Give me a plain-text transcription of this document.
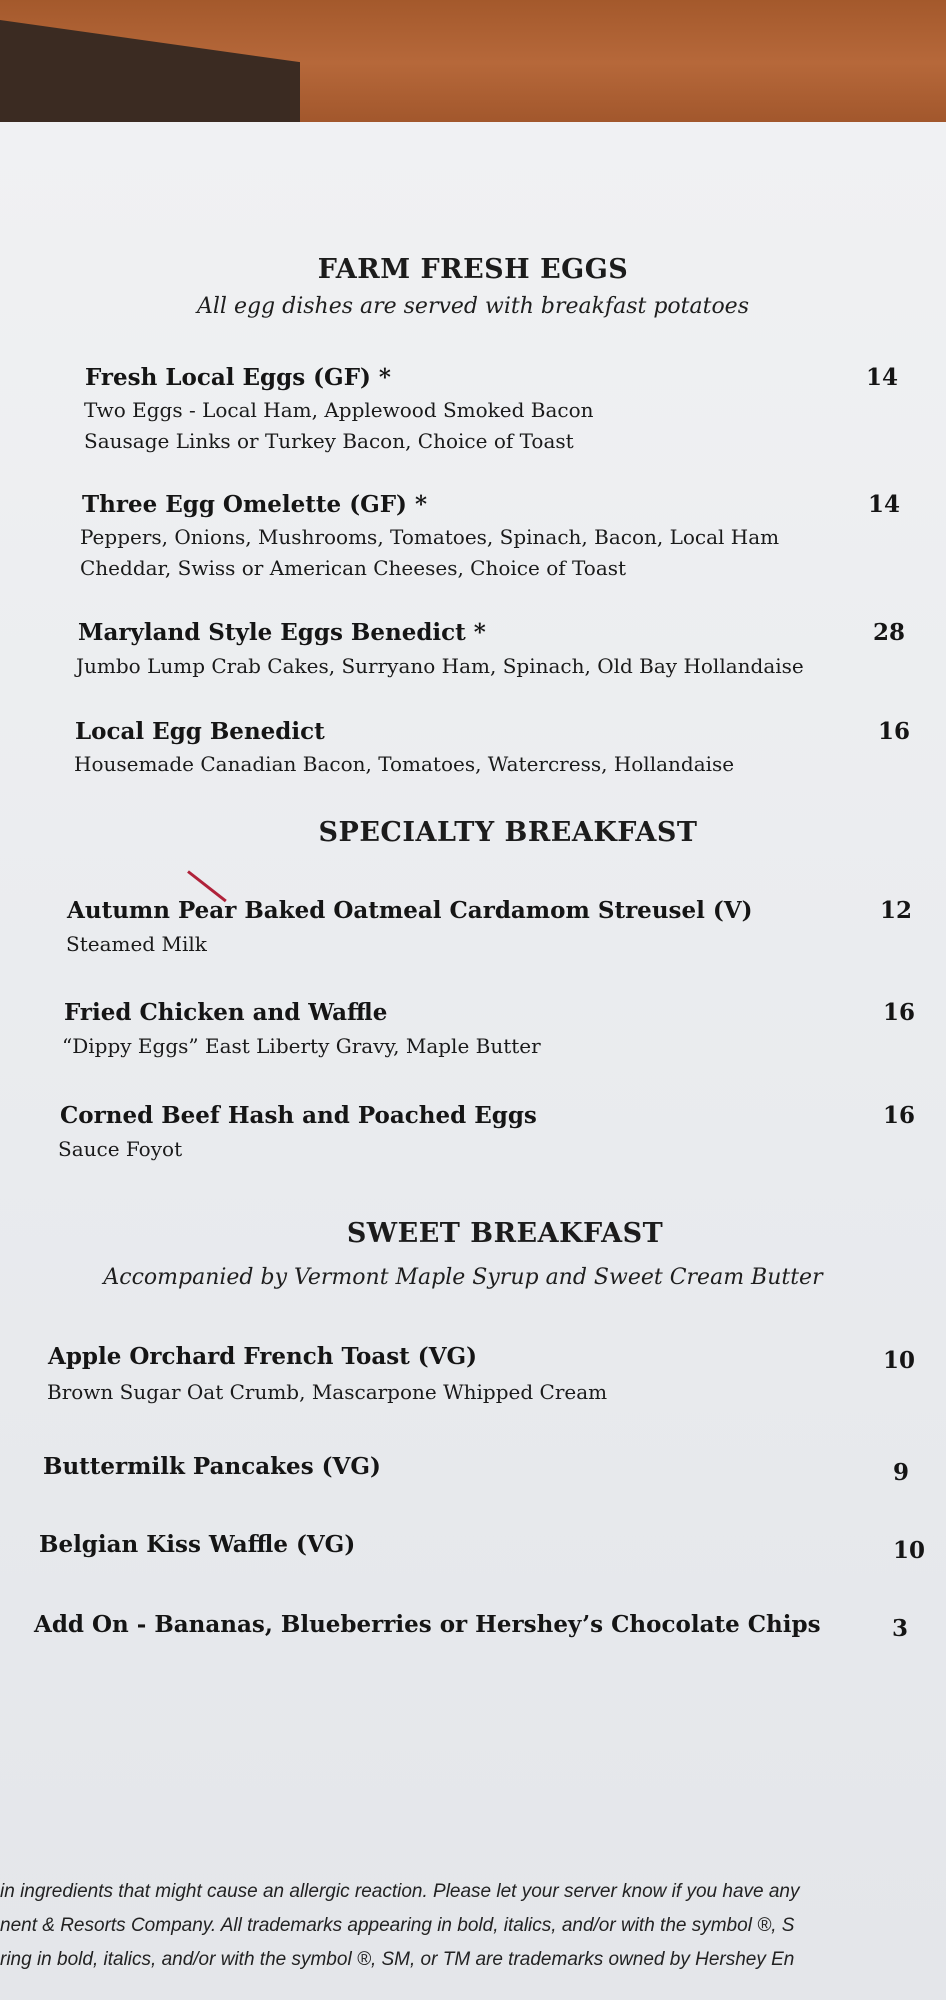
FARM FRESH EGGS
All egg dishes are served with breakfast potatoes
Fresh Local Eggs (GF) *	14
Two Eggs - Local Ham, Applewood Smoked Bacon
Sausage Links or Turkey Bacon, Choice of Toast
Three Egg Omelette (GF) *	14
Peppers, Onions, Mushrooms, Tomatoes, Spinach, Bacon, Local Ham
Cheddar, Swiss or American Cheeses, Choice of Toast
Maryland Style Eggs Benedict *	28
Jumbo Lump Crab Cakes, Surryano Ham, Spinach, Old Bay Hollandaise
Local Egg Benedict	16
Housemade Canadian Bacon, Tomatoes, Watercress, Hollandaise
SPECIALTY BREAKFAST
Autumn Pear Baked Oatmeal Cardamom Streusel (V)	12
Steamed Milk
Fried Chicken and Waffle	16
“Dippy Eggs” East Liberty Gravy, Maple Butter
Corned Beef Hash and Poached Eggs	16
Sauce Foyot
SWEET BREAKFAST
Accompanied by Vermont Maple Syrup and Sweet Cream Butter
Apple Orchard French Toast (VG)	10
Brown Sugar Oat Crumb, Mascarpone Whipped Cream
Buttermilk Pancakes (VG)	9
Belgian Kiss Waffle (VG)	10
Add On - Bananas, Blueberries or Hershey’s Chocolate Chips	3
in ingredients that might cause an allergic reaction. Please let your server know if you have any
nent & Resorts Company. All trademarks appearing in bold, italics, and/or with the symbol ®, S
ring in bold, italics, and/or with the symbol ®, SM, or TM are trademarks owned by Hershey En
